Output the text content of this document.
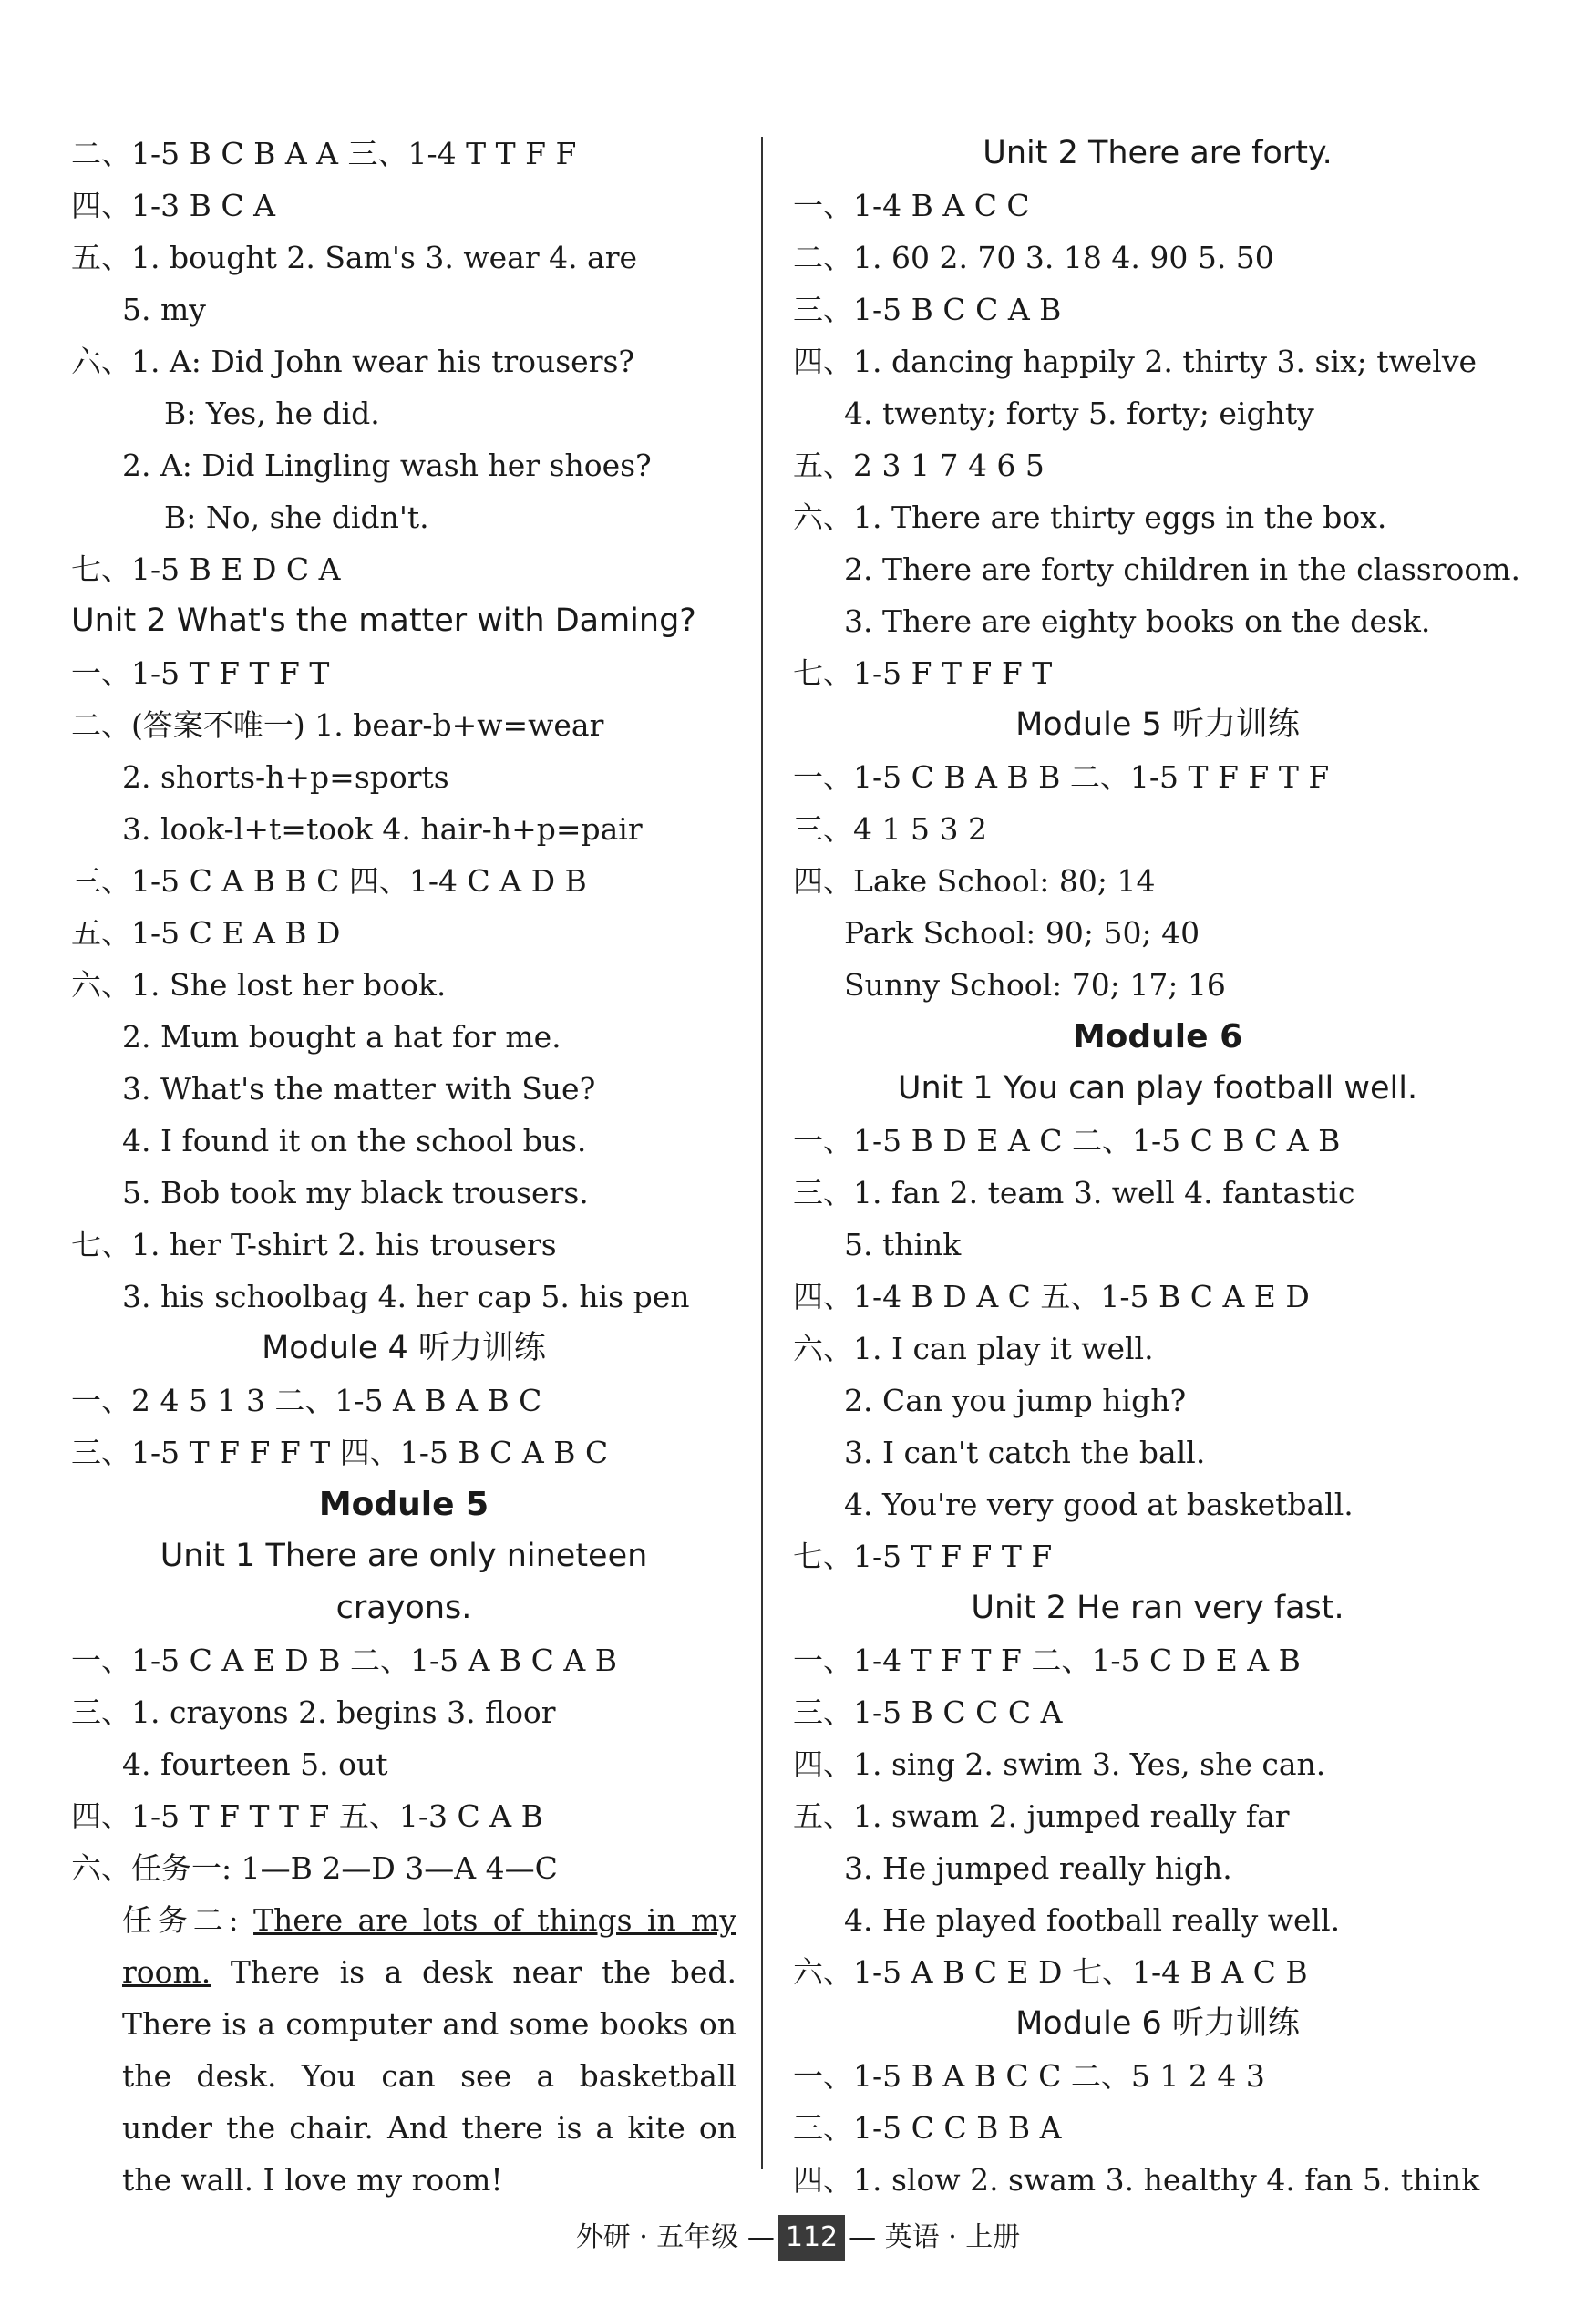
二、1-5 B C B A A 三、1-4 T T F F
四、1-3 B C A
五、1. bought 2. Sam's 3. wear 4. are
5. my
六、1. A: Did John wear his trousers?
B: Yes, he did.
2. A: Did Lingling wash her shoes?
B: No, she didn't.
七、1-5 B E D C A
Unit 2 What's the matter with Daming?
一、1-5 T F T F T
二、(答案不唯一) 1. bear-b+w=wear
2. shorts-h+p=sports
3. look-l+t=took 4. hair-h+p=pair
三、1-5 C A B B C 四、1-4 C A D B
五、1-5 C E A B D
六、1. She lost her book.
2. Mum bought a hat for me.
3. What's the matter with Sue?
4. I found it on the school bus.
5. Bob took my black trousers.
七、1. her T-shirt 2. his trousers
3. his schoolbag 4. her cap 5. his pen
Module 4 听力训练
一、2 4 5 1 3 二、1-5 A B A B C
三、1-5 T F F F T 四、1-5 B C A B C
Module 5
Unit 1 There are only nineteen
crayons.
一、1-5 C A E D B 二、1-5 A B C A B
三、1. crayons 2. begins 3. floor
4. fourteen 5. out
四、1-5 T F T T F 五、1-3 C A B
六、任务一: 1—B 2—D 3—A 4—C
任务二: There are lots of things in my room. There is a desk near the bed. There is a computer and some books on the desk. You can see a basketball under the chair. And there is a kite on the wall. I love my room!
Unit 2 There are forty.
一、1-4 B A C C
二、1. 60 2. 70 3. 18 4. 90 5. 50
三、1-5 B C C A B
四、1. dancing happily 2. thirty 3. six; twelve
4. twenty; forty 5. forty; eighty
五、2 3 1 7 4 6 5
六、1. There are thirty eggs in the box.
2. There are forty children in the classroom.
3. There are eighty books on the desk.
七、1-5 F T F F T
Module 5 听力训练
一、1-5 C B A B B 二、1-5 T F F T F
三、4 1 5 3 2
四、Lake School: 80; 14
Park School: 90; 50; 40
Sunny School: 70; 17; 16
Module 6
Unit 1 You can play football well.
一、1-5 B D E A C 二、1-5 C B C A B
三、1. fan 2. team 3. well 4. fantastic
5. think
四、1-4 B D A C 五、1-5 B C A E D
六、1. I can play it well.
2. Can you jump high?
3. I can't catch the ball.
4. You're very good at basketball.
七、1-5 T F F T F
Unit 2 He ran very fast.
一、1-4 T F T F 二、1-5 C D E A B
三、1-5 B C C C A
四、1. sing 2. swim 3. Yes, she can.
五、1. swam 2. jumped really far
3. He jumped really high.
4. He played football really well.
六、1-5 A B C E D 七、1-4 B A C B
Module 6 听力训练
一、1-5 B A B C C 二、5 1 2 4 3
三、1-5 C C B B A
四、1. slow 2. swam 3. healthy 4. fan 5. think
外研 · 五年级 — 112 — 英语 · 上册
